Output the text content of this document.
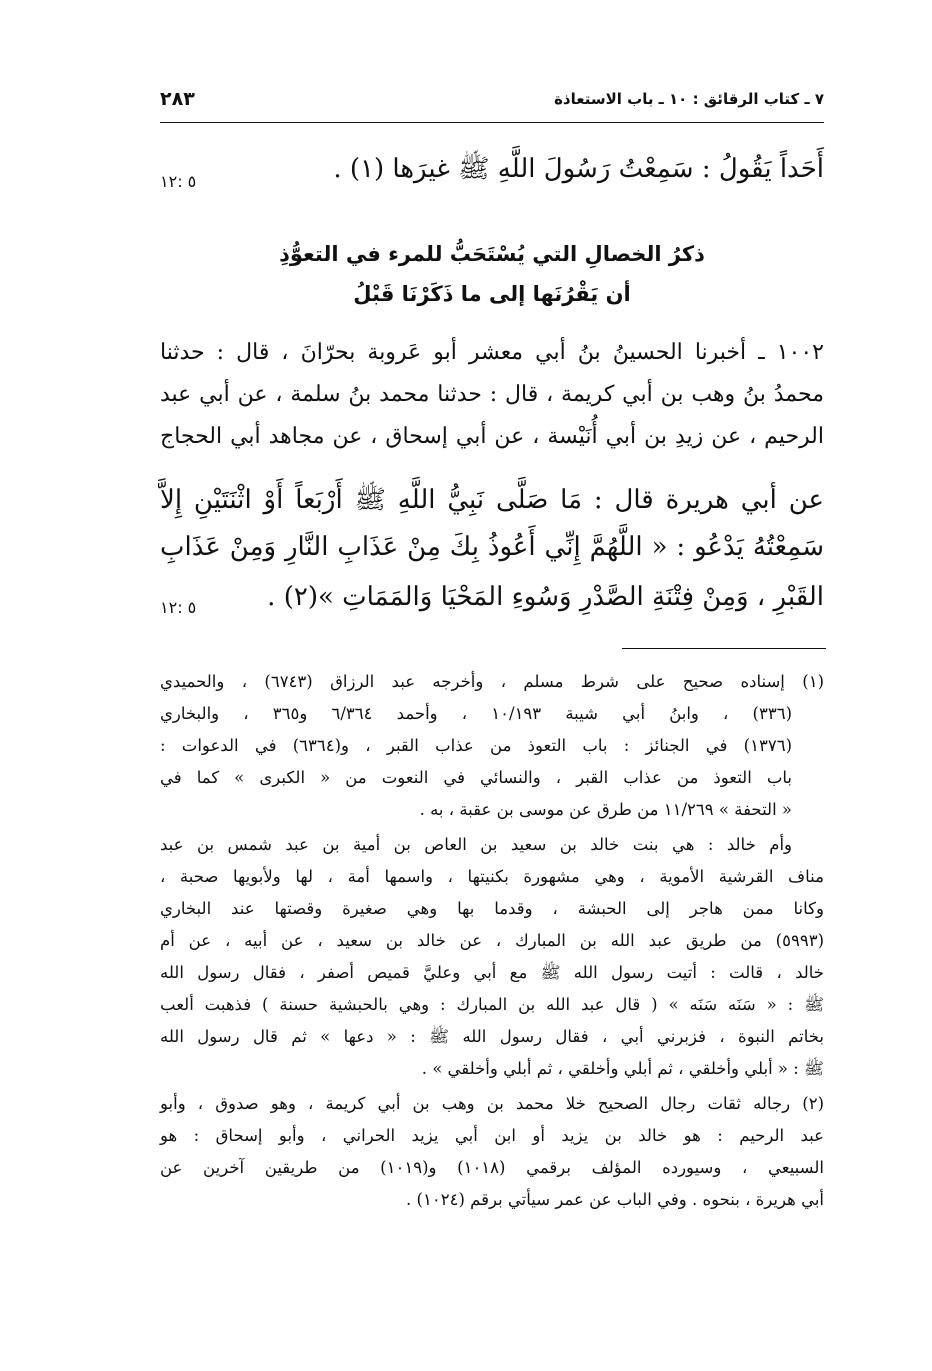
٧ ـ كتاب الرقائق : ١٠ ـ باب الاستعاذة
٢٨٣
أَحَداً يَقُولُ : سَمِعْتُ رَسُولَ اللَّهِ ﷺ غيرَها (١) .
٥ :١٢
ذكرُ الخصالِ التي يُسْتَحَبُّ للمرء في التعوُّذِ
أن يَقْرُنَها إلى ما ذَكَرْنَا قَبْلُ
١٠٠٢ ـ أخبرنا الحسينُ بنُ أبي معشر أبو عَروبة بحرّانَ ، قال : حدثنا
محمدُ بنُ وهب بن أبي كريمة ، قال : حدثنا محمد بنُ سلمة ، عن أبي عبد
الرحيم ، عن زيدِ بن أبي أُنَيْسة ، عن أبي إسحاق ، عن مجاهد أبي الحجاج
عن أبي هريرة قال : مَا صَلَّى نَبِيُّ اللَّهِ ﷺ أَرْبَعاً أَوْ اثْنَتَيْنِ إِلاَّ
سَمِعْتُهُ يَدْعُو : « اللَّهُمَّ إِنِّي أَعُوذُ بِكَ مِنْ عَذَابِ النَّارِ وَمِنْ عَذَابِ
القَبْرِ ، وَمِنْ فِتْنَةِ الصَّدْرِ وَسُوءِ المَحْيَا وَالمَمَاتِ »(٢) .
٥ :١٢
(١) إسناده صحيح على شرط مسلم ، وأخرجه عبد الرزاق (٦٧٤٣) ، والحميدي
(٣٣٦) ، وابنُ أبي شيبة ١٠/١٩٣ ، وأحمد ٦/٣٦٤ و٣٦٥ ، والبخاري
(١٣٧٦) في الجنائز : باب التعوذ من عذاب القبر ، و(٦٣٦٤) في الدعوات :
باب التعوذ من عذاب القبر ، والنسائي في النعوت من « الكبرى » كما في
« التحفة » ١١/٢٦٩ من طرق عن موسى بن عقبة ، به .
وأم خالد : هي بنت خالد بن سعيد بن العاص بن أمية بن عبد شمس بن عبد
مناف القرشية الأموية ، وهي مشهورة بكنيتها ، واسمها أمة ، لها ولأبويها صحبة ،
وكانا ممن هاجر إلى الحبشة ، وقدما بها وهي صغيرة وقصتها عند البخاري
(٥٩٩٣) من طريق عبد الله بن المبارك ، عن خالد بن سعيد ، عن أبيه ، عن أم
خالد ، قالت : أتيت رسول الله ﷺ مع أبي وعليَّ قميص أصفر ، فقال رسول الله
ﷺ : « سَنَه سَنَه » ( قال عبد الله بن المبارك : وهي بالحبشية حسنة ) فذهبت ألعب
بخاتم النبوة ، فزبرني أبي ، فقال رسول الله ﷺ : « دعها » ثم قال رسول الله
ﷺ : « أبلي وأخلقي ، ثم أبلي وأخلقي ، ثم أبلي وأخلقي » .
(٢) رجاله ثقات رجال الصحيح خلا محمد بن وهب بن أبي كريمة ، وهو صدوق ، وأبو
عبد الرحيم : هو خالد بن يزيد أو ابن أبي يزيد الحراني ، وأبو إسحاق : هو
السبيعي ، وسيورده المؤلف برقمي (١٠١٨) و(١٠١٩) من طريقين آخرين عن
أبي هريرة ، بنحوه . وفي الباب عن عمر سيأتي برقم (١٠٢٤) .
